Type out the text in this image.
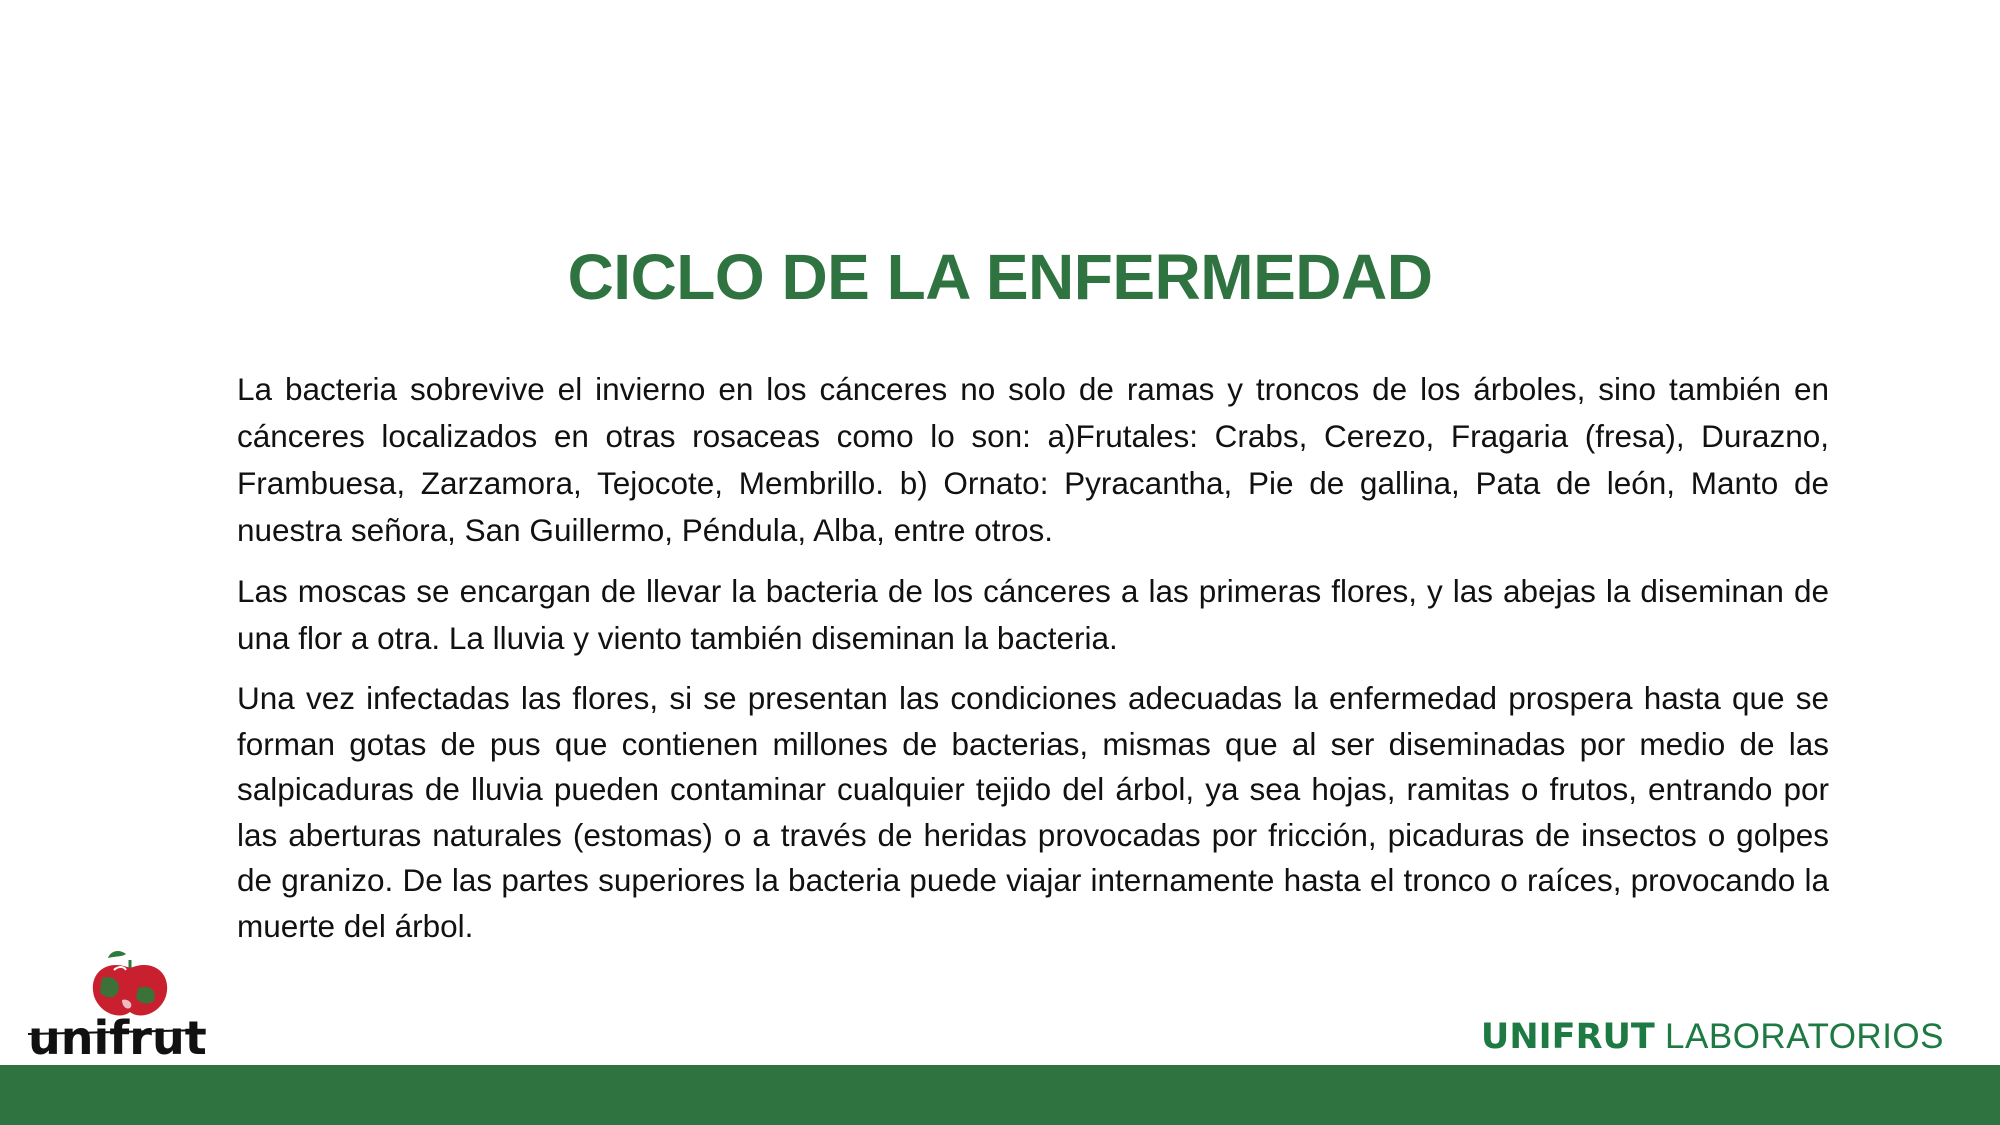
CICLO DE LA ENFERMEDAD

La bacteria sobrevive el invierno en los cánceres no solo de ramas y troncos de los árboles, sino también en cánceres localizados en otras rosaceas como lo son: a)Frutales: Crabs, Cerezo, Fragaria (fresa), Durazno, Frambuesa, Zarzamora, Tejocote, Membrillo. b) Ornato: Pyracantha, Pie de gallina, Pata de león, Manto de nuestra señora, San Guillermo, Péndula, Alba, entre otros.

Las moscas se encargan de llevar la bacteria de los cánceres a las primeras flores, y las abejas la diseminan de una flor a otra. La lluvia y viento también diseminan la bacteria.

Una vez infectadas las flores, si se presentan las condiciones adecuadas la enfermedad prospera hasta que se forman gotas de pus que contienen millones de bacterias, mismas que al ser diseminadas por medio de las salpicaduras de lluvia pueden contaminar cualquier tejido del árbol, ya sea hojas, ramitas o frutos, entrando por las aberturas naturales (estomas) o a través de heridas provocadas por fricción, picaduras de insectos o golpes de granizo. De las partes superiores la bacteria puede viajar internamente hasta el tronco o raíces, provocando la muerte del árbol.

unifrut	UNIFRUT LABORATORIOS
